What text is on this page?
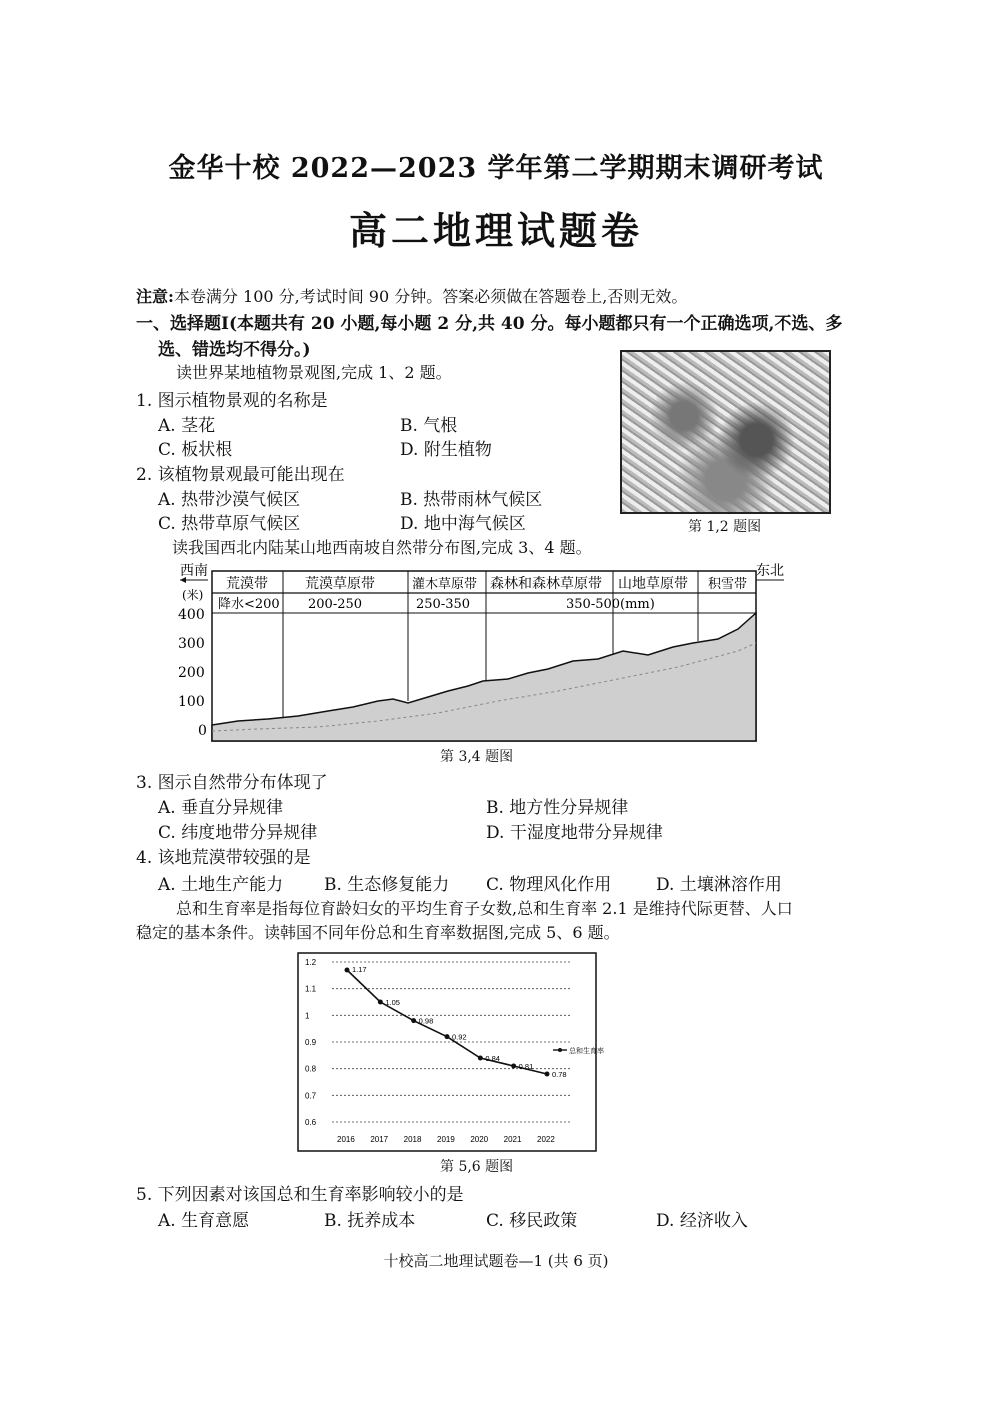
金华十校 2022—2023 学年第二学期期末调研考试
高二地理试题卷
注意:本卷满分 100 分,考试时间 90 分钟。答案必须做在答题卷上,否则无效。
一、选择题Ⅰ(本题共有 20 小题,每小题 2 分,共 40 分。每小题都只有一个正确选项,不选、多
选、错选均不得分。)
读世界某地植物景观图,完成 1、2 题。
第 1,2 题图
1. 图示植物景观的名称是
A. 茎花	B. 气根
C. 板状根	D. 附生植物
2. 该植物景观最可能出现在
A. 热带沙漠气候区	B. 热带雨林气候区
C. 热带草原气候区	D. 地中海气候区
读我国西北内陆某山地西南坡自然带分布图,完成 3、4 题。
西南	东北
(米)
400
300
200
100
0
荒漠带	荒漠草原带	灌木草原带 森林和森林草原带 山地草原带 积雪带
降水<200 200-250	250-350	350-500(mm)
第 3,4 题图
3. 图示自然带分布体现了
A. 垂直分异规律	B. 地方性分异规律
C. 纬度地带分异规律	D. 干湿度地带分异规律
4. 该地荒漠带较强的是
A. 土地生产能力 B. 生态修复能力 C. 物理风化作用	D. 土壤淋溶作用
总和生育率是指每位育龄妇女的平均生育子女数,总和生育率 2.1 是维持代际更替、人口
稳定的基本条件。读韩国不同年份总和生育率数据图,完成 5、6 题。
1.2
1.1
1
0.9
0.8
0.7
0.6
2016 2017 2018 2019 2020 2021 2022
1.17
1.05
0.98
0.92
0.84
0.81
0.78
总和生育率
第 5,6 题图
5. 下列因素对该国总和生育率影响较小的是
A. 生育意愿	B. 抚养成本	C. 移民政策	D. 经济收入
十校高二地理试题卷—1 (共 6 页)
